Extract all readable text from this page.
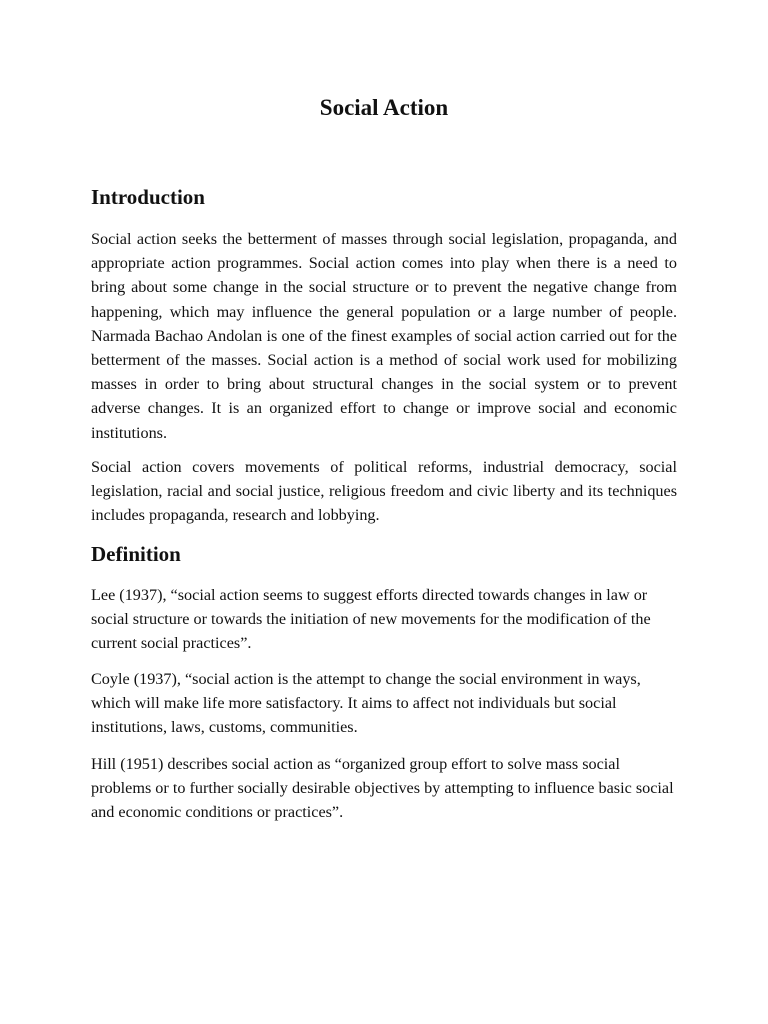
Social Action
Introduction

Social action seeks the betterment of masses through social legislation, propaganda, and appropriate action programmes. Social action comes into play when there is a need to bring about some change in the social structure or to prevent the negative change from happening, which may influence the general population or a large number of people. Narmada Bachao Andolan is one of the finest examples of social action carried out for the betterment of the masses. Social action is a method of social work used for mobilizing masses in order to bring about structural changes in the social system or to prevent adverse changes. It is an organized effort to change or improve social and economic institutions.

Social action covers movements of political reforms, industrial democracy, social legislation, racial and social justice, religious freedom and civic liberty and its techniques includes propaganda, research and lobbying.

Definition

Lee (1937), “social action seems to suggest efforts directed towards changes in law or social structure or towards the initiation of new movements for the modification of the current social practices”.

Coyle (1937), “social action is the attempt to change the social environment in ways, which will make life more satisfactory. It aims to affect not individuals but social institutions, laws, customs, communities.

Hill (1951) describes social action as “organized group effort to solve mass social problems or to further socially desirable objectives by attempting to influence basic social and economic conditions or practices”.
